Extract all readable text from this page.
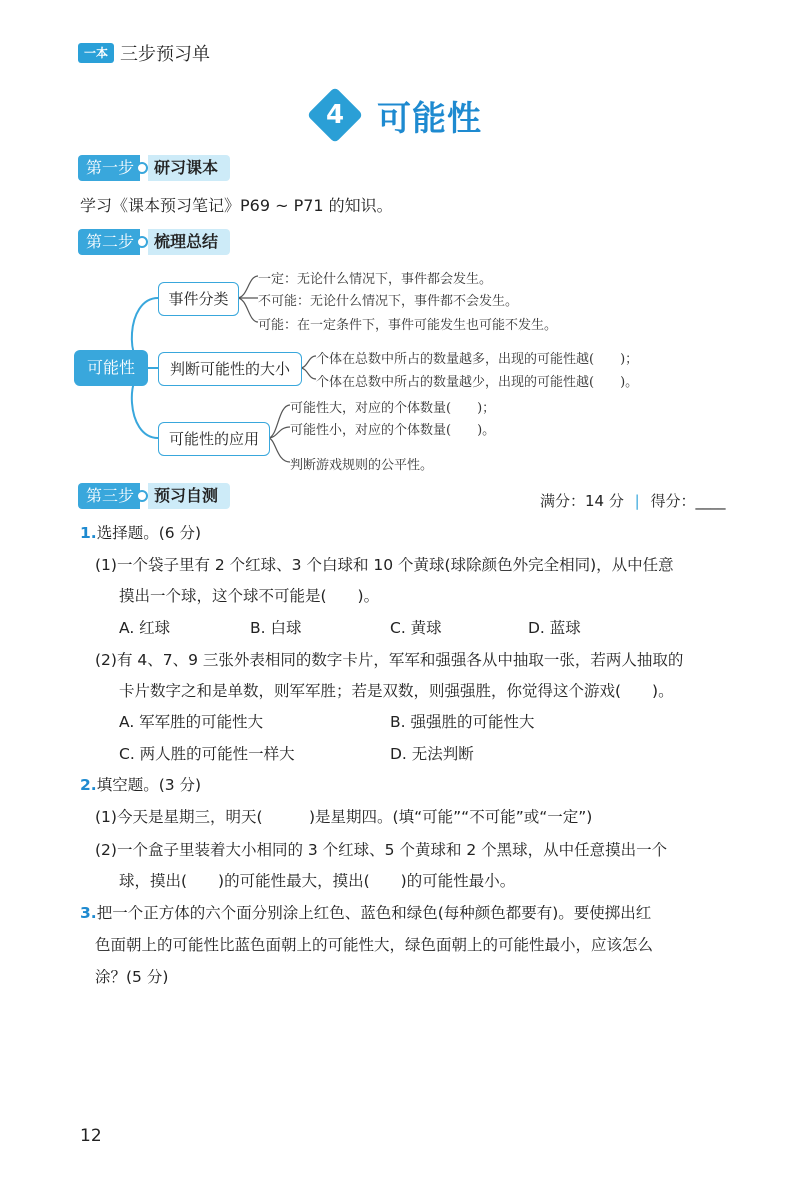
一本 三步预习单
4 可能性
第一步	研习课本
学习《课本预习笔记》P69 ~ P71 的知识。
第二步	梳理总结
可能性
事件分类
判断可能性的大小
可能性的应用
一定：无论什么情况下，事件都会发生。
不可能：无论什么情况下，事件都不会发生。
可能：在一定条件下，事件可能发生也可能不发生。
个体在总数中所占的数量越多，出现的可能性越(　　)；
个体在总数中所占的数量越少，出现的可能性越(　　)。
可能性大，对应的个体数量(　　)；
可能性小，对应的个体数量(　　)。
判断游戏规则的公平性。
第三步	预习自测	满分：14 分 | 得分：____
1.选择题。(6 分)
(1)一个袋子里有 2 个红球、3 个白球和 10 个黄球(球除颜色外完全相同)，从中任意
摸出一个球，这个球不可能是(　　)。
A. 红球	B. 白球	C. 黄球	D. 蓝球
(2)有 4、7、9 三张外表相同的数字卡片，军军和强强各从中抽取一张，若两人抽取的
卡片数字之和是单数，则军军胜；若是双数，则强强胜，你觉得这个游戏(　　)。
A. 军军胜的可能性大	B. 强强胜的可能性大
C. 两人胜的可能性一样大	D. 无法判断
2.填空题。(3 分)
(1)今天是星期三，明天(　　　)是星期四。(填“可能”“不可能”或“一定”)
(2)一个盒子里装着大小相同的 3 个红球、5 个黄球和 2 个黑球，从中任意摸出一个
球，摸出(　　)的可能性最大，摸出(　　)的可能性最小。
3.把一个正方体的六个面分别涂上红色、蓝色和绿色(每种颜色都要有)。要使掷出红
色面朝上的可能性比蓝色面朝上的可能性大，绿色面朝上的可能性最小，应该怎么
涂？(5 分)
12
